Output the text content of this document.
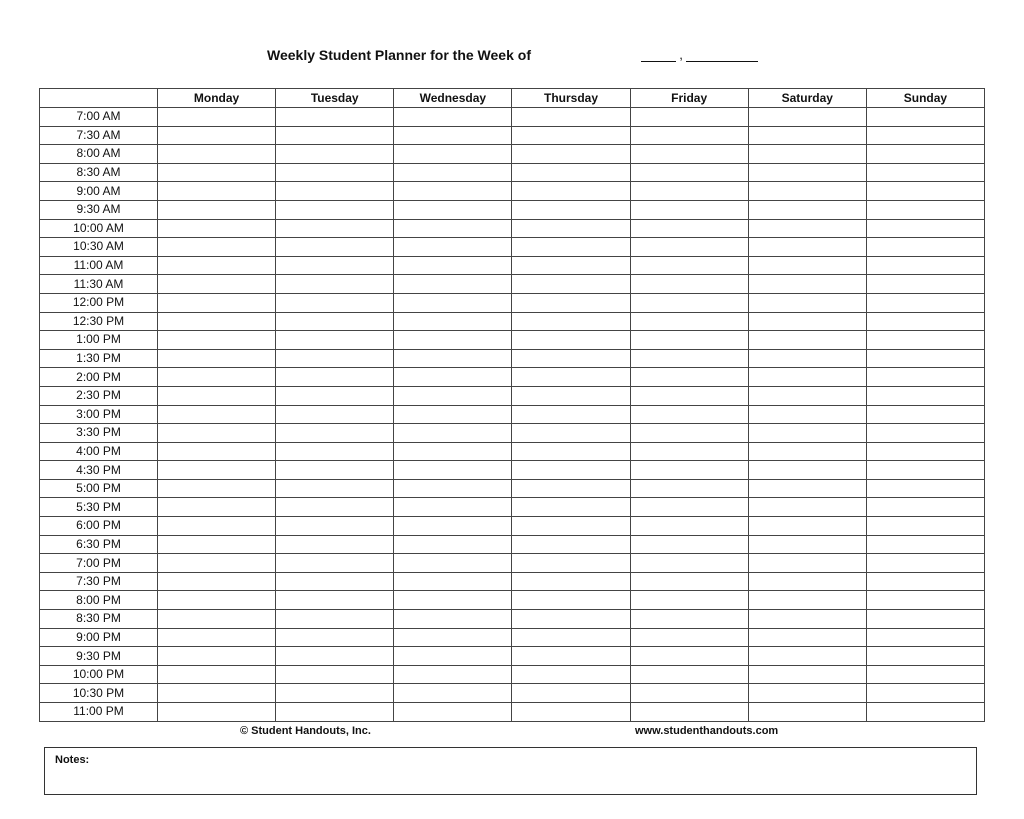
Weekly Student Planner for the Week of	,
	Monday	Tuesday	Wednesday	Thursday	Friday	Saturday	Sunday
7:00 AM							
7:30 AM							
8:00 AM							
8:30 AM							
9:00 AM							
9:30 AM							
10:00 AM							
10:30 AM							
11:00 AM							
11:30 AM							
12:00 PM							
12:30 PM							
1:00 PM							
1:30 PM							
2:00 PM							
2:30 PM							
3:00 PM							
3:30 PM							
4:00 PM							
4:30 PM							
5:00 PM							
5:30 PM							
6:00 PM							
6:30 PM							
7:00 PM							
7:30 PM							
8:00 PM							
8:30 PM							
9:00 PM							
9:30 PM							
10:00 PM							
10:30 PM							
11:00 PM							
© Student Handouts, Inc.	www.studenthandouts.com
Notes:
